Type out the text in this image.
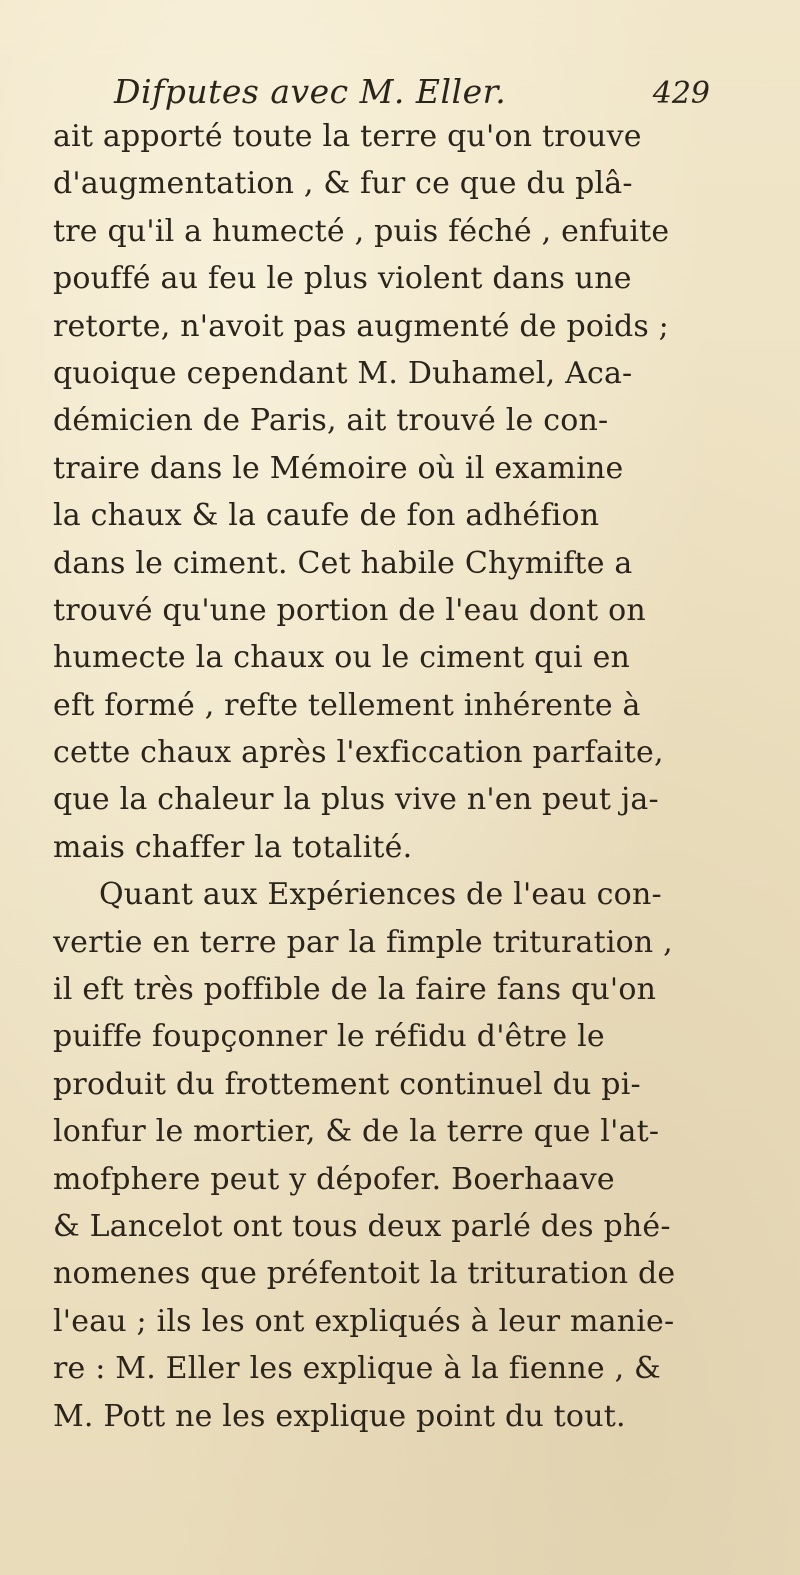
Difputes avec M. Eller.	429
ait apporté toute la terre qu'on trouve
d'augmentation , & fur ce que du plâ-
tre qu'il a humecté , puis féché , enfuite
pouffé au feu le plus violent dans une
retorte, n'avoit pas augmenté de poids ;
quoique cependant M. Duhamel, Aca-
démicien de Paris, ait trouvé le con-
traire dans le Mémoire où il examine
la chaux & la caufe de fon adhéfion
dans le ciment. Cet habile Chymifte a
trouvé qu'une portion de l'eau dont on
humecte la chaux ou le ciment qui en
eft formé , refte tellement inhérente à
cette chaux après l'exficcation parfaite,
que la chaleur la plus vive n'en peut ja-
mais chaffer la totalité.
Quant aux Expériences de l'eau con-
vertie en terre par la fimple trituration ,
il eft très poffible de la faire fans qu'on
puiffe foupçonner le réfidu d'être le
produit du frottement continuel du pi-
lonfur le mortier, & de la terre que l'at-
mofphere peut y dépofer. Boerhaave
& Lancelot ont tous deux parlé des phé-
nomenes que préfentoit la trituration de
l'eau ; ils les ont expliqués à leur manie-
re : M. Eller les explique à la fienne , &
M. Pott ne les explique point du tout.
